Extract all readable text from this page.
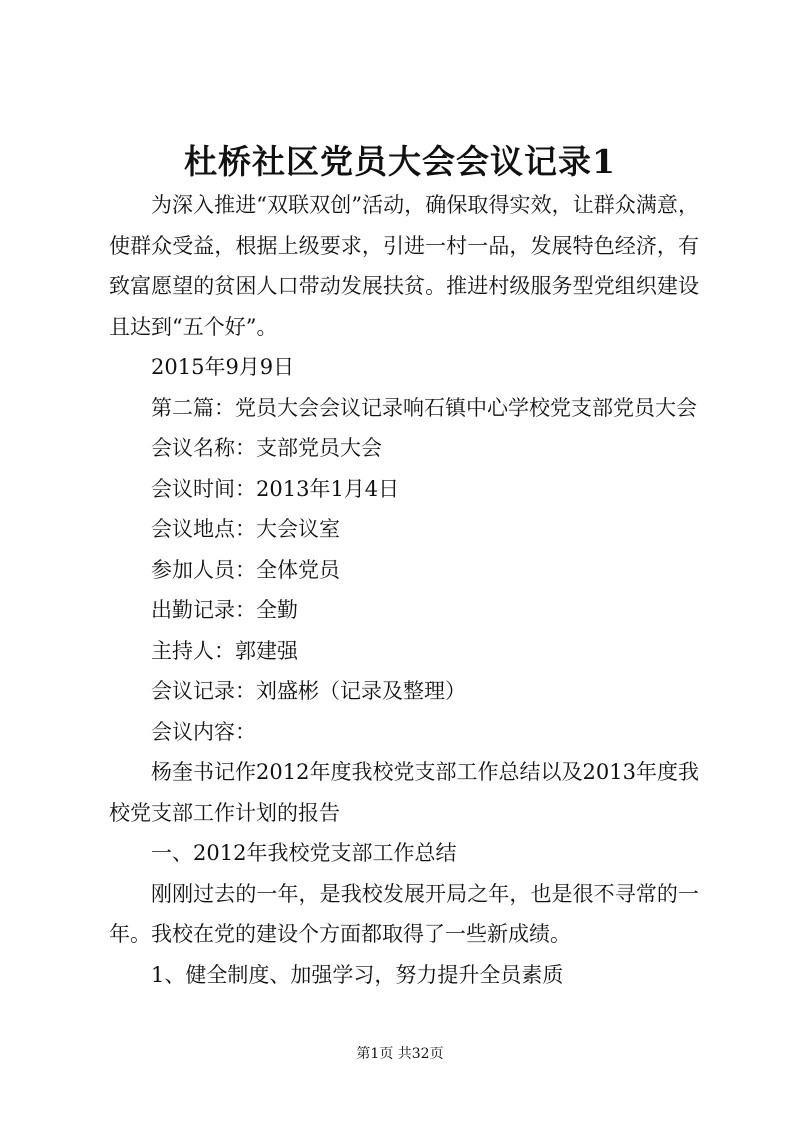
杜桥社区党员大会会议记录1

为深入推进“双联双创”活动，确保取得实效，让群众满意，使群众受益，根据上级要求，引进一村一品，发展特色经济，有致富愿望的贫困人口带动发展扶贫。推进村级服务型党组织建设且达到“五个好”。

2015年9月9日

第二篇：党员大会会议记录响石镇中心学校党支部党员大会

会议名称：支部党员大会

会议时间：2013年1月4日

会议地点：大会议室

参加人员：全体党员

出勤记录：全勤

主持人：郭建强

会议记录：刘盛彬（记录及整理）

会议内容：

杨奎书记作2012年度我校党支部工作总结以及2013年度我校党支部工作计划的报告

一、2012年我校党支部工作总结

刚刚过去的一年，是我校发展开局之年，也是很不寻常的一年。我校在党的建设个方面都取得了一些新成绩。

1、健全制度、加强学习，努力提升全员素质

第1页 共32页
